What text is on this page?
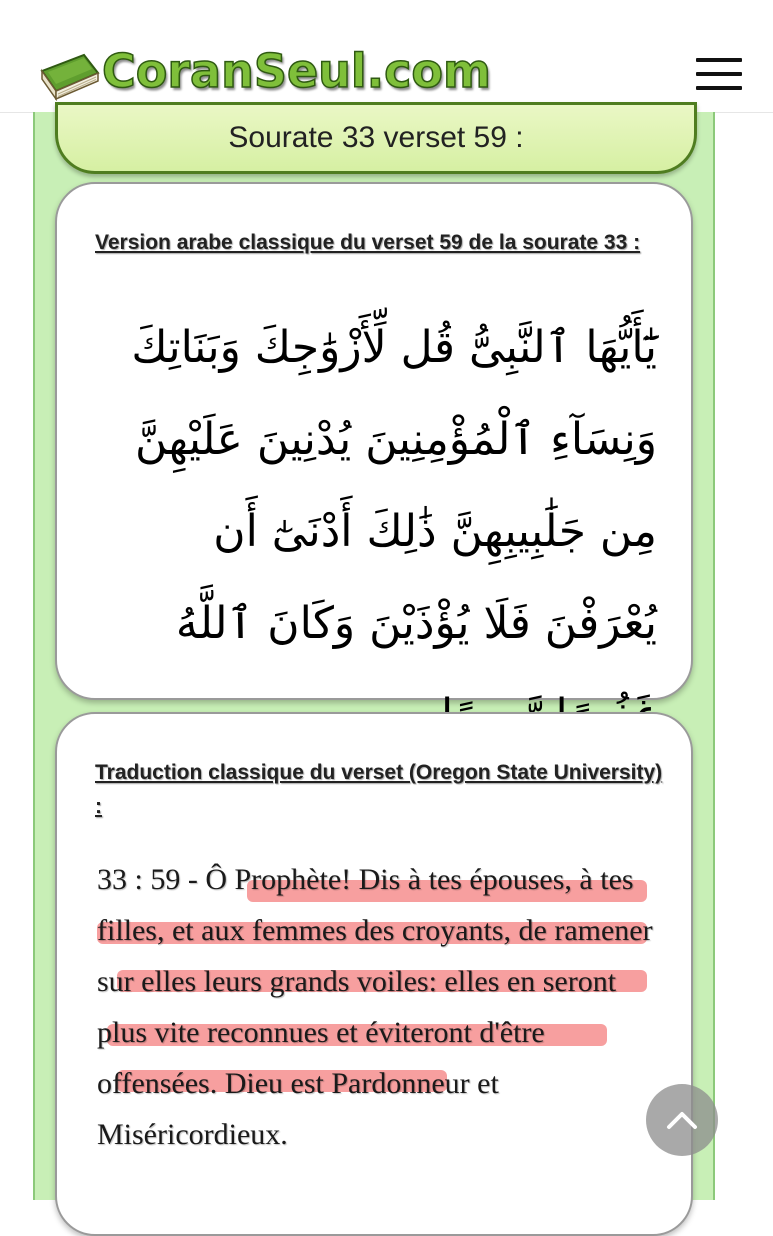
CoranSeul.com
Sourate 33 verset 59 :
Version arabe classique du verset 59 de la sourate 33 :
يَٰٓأَيُّهَا ٱلنَّبِىُّ قُل لِّأَزْوَٰجِكَ وَبَنَاتِكَ وَنِسَآءِ ٱلْمُؤْمِنِينَ يُدْنِينَ عَلَيْهِنَّ مِن جَلَٰبِيبِهِنَّ ذَٰلِكَ أَدْنَىٰٓ أَن يُعْرَفْنَ فَلَا يُؤْذَيْنَ وَكَانَ ٱللَّهُ
Traduction classique du verset (Oregon State University) :
33 : 59 - Ô Prophète! Dis à tes épouses, à tes filles, et aux femmes des croyants, de ramener sur elles leurs grands voiles: elles en seront plus vite reconnues et éviteront d'être offensées. Dieu est Pardonneur et Miséricordieux.
